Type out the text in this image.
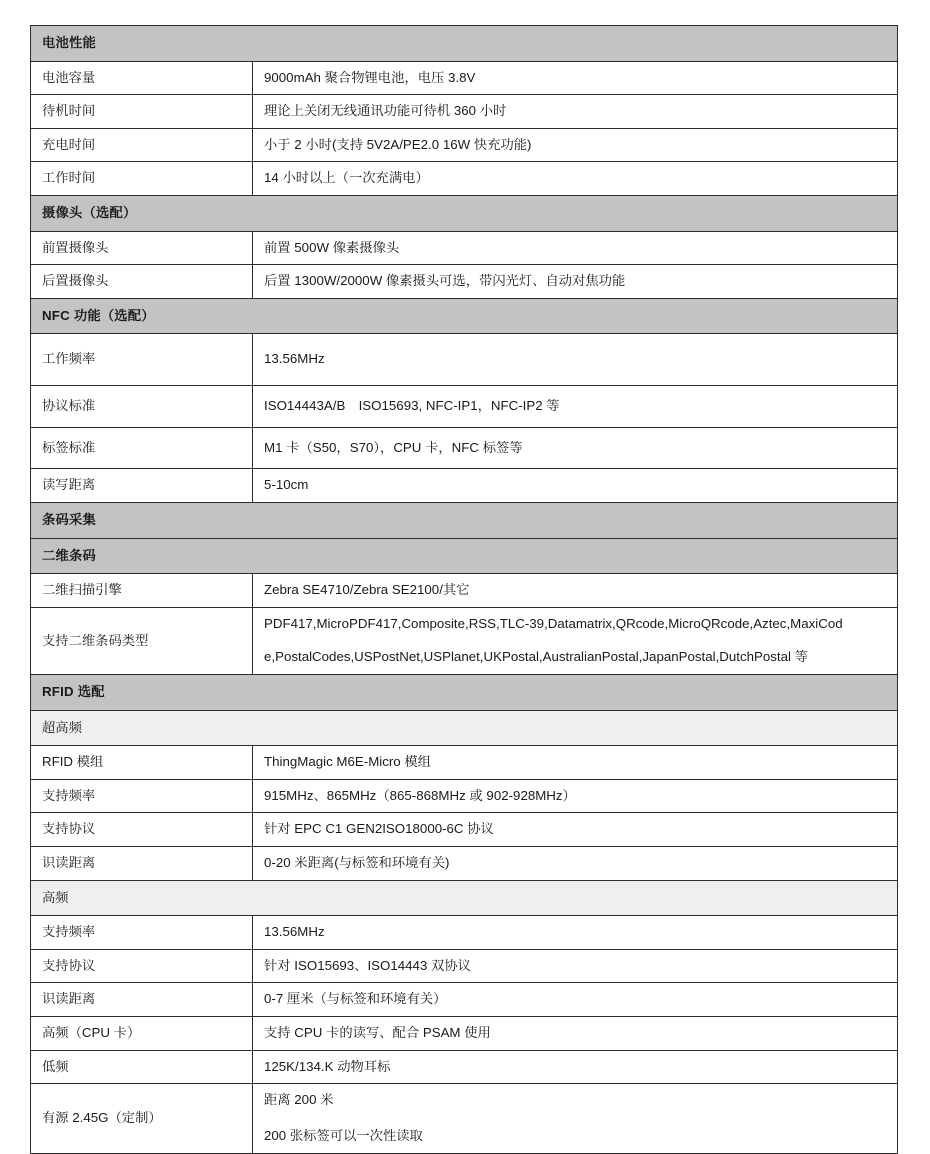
电池性能	
电池容量	9000mAh 聚合物锂电池，电压 3.8V
待机时间	理论上关闭无线通讯功能可待机 360 小时
充电时间	小于 2 小时(支持 5V2A/PE2.0 16W 快充功能)
工作时间	14 小时以上（一次充满电）
摄像头（选配）	
前置摄像头	前置 500W 像素摄像头
后置摄像头	后置 1300W/2000W 像素摄头可选，带闪光灯、自动对焦功能
NFC 功能（选配）	
工作频率	13.56MHz
协议标准	ISO14443A/B　ISO15693, NFC-IP1，NFC-IP2 等
标签标准	M1 卡（S50，S70），CPU 卡，NFC 标签等
读写距离	5-10cm
条码采集	
二维条码	
二维扫描引擎	Zebra SE4710/Zebra SE2100/其它
支持二维条码类型	PDF417,MicroPDF417,Composite,RSS,TLC-39,Datamatrix,QRcode,MicroQRcode,Aztec,MaxiCod
e,PostalCodes,USPostNet,USPlanet,UKPostal,AustralianPostal,JapanPostal,DutchPostal 等

RFID 选配	
超高频	
RFID 模组	ThingMagic M6E-Micro 模组
支持频率	915MHz、865MHz（865-868MHz 或 902-928MHz）
支持协议	针对 EPC C1 GEN2ISO18000-6C 协议
识读距离	0-20 米距离(与标签和环境有关)
高频	
支持频率	13.56MHz
支持协议	针对 ISO15693、ISO14443 双协议
识读距离	0-7 厘米（与标签和环境有关）
高频（CPU 卡）	支持 CPU 卡的读写、配合 PSAM 使用
低频	125K/134.K 动物耳标
有源 2.45G（定制）	距离 200 米

200 张标签可以一次性读取
